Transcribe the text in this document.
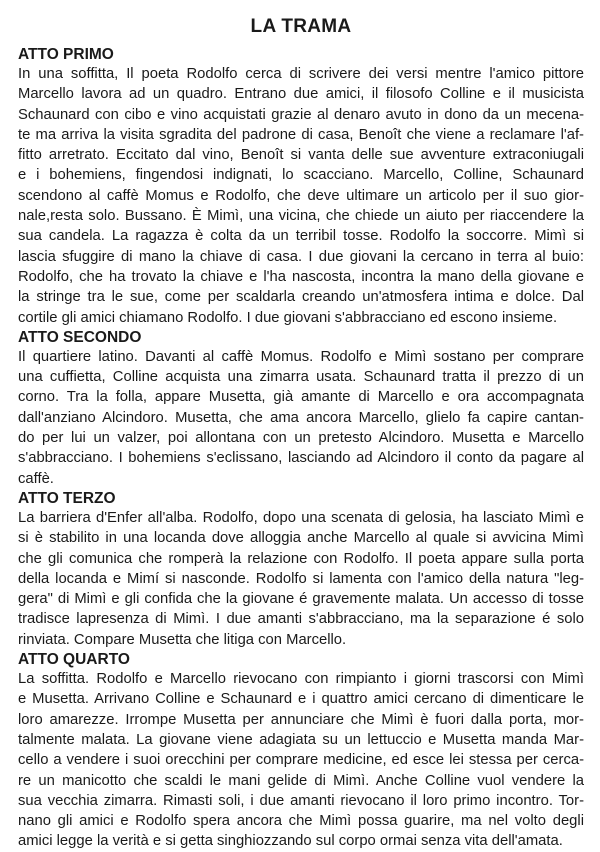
LA TRAMA
ATTO PRIMO
In una soffitta, Il poeta Rodolfo cerca di scrivere dei versi mentre l'amico pittore
Marcello lavora ad un quadro. Entrano due amici, il filosofo Colline e il musicista
Schaunard con cibo e vino acquistati grazie al denaro avuto in dono da un mecena-
te ma arriva la visita sgradita del padrone di casa, Benoît che viene a reclamare l'af-
fitto arretrato. Eccitato dal vino, Benoît si vanta delle sue avventure extraconiugali
e i bohemiens, fingendosi indignati, lo scacciano. Marcello, Colline, Schaunard
scendono al caffè Momus e Rodolfo, che deve ultimare un articolo per il suo gior-
nale,resta solo. Bussano. È Mimì, una vicina, che chiede un aiuto per riaccendere la
sua candela. La ragazza è colta da un terribil tosse. Rodolfo la soccorre. Mimì si
lascia sfuggire di mano la chiave di casa. I due giovani la cercano in terra al buio:
Rodolfo, che ha trovato la chiave e l'ha nascosta, incontra la mano della giovane e
la stringe tra le sue, come per scaldarla creando un'atmosfera intima e dolce. Dal
cortile gli amici chiamano Rodolfo. I due giovani s'abbracciano ed escono insieme.
ATTO SECONDO
Il quartiere latino. Davanti al caffè Momus. Rodolfo e Mimì sostano per comprare
una cuffietta, Colline acquista una zimarra usata. Schaunard tratta il prezzo di un
corno. Tra la folla, appare Musetta, già amante di Marcello e ora accompagnata
dall'anziano Alcindoro. Musetta, che ama ancora Marcello, glielo fa capire cantan-
do per lui un valzer, poi allontana con un pretesto Alcindoro. Musetta e Marcello
s'abbracciano. I bohemiens s'eclissano, lasciando ad Alcindoro il conto da pagare al
caffè.
ATTO TERZO
La barriera d'Enfer all'alba. Rodolfo, dopo una scenata di gelosia, ha lasciato Mimì e
si è stabilito in una locanda dove alloggia anche Marcello al quale si avvicina Mimì
che gli comunica che romperà la relazione con Rodolfo. Il poeta appare sulla porta
della locanda e Mimí si nasconde. Rodolfo si lamenta con l'amico della natura "leg-
gera" di Mimì e gli confida che la giovane é gravemente malata. Un accesso di tosse
tradisce lapresenza di Mimì. I due amanti s'abbracciano, ma la separazione é solo
rinviata. Compare Musetta che litiga con Marcello.
ATTO QUARTO
La soffitta. Rodolfo e Marcello rievocano con rimpianto i giorni trascorsi con Mimì
e Musetta. Arrivano Colline e Schaunard e i quattro amici cercano di dimenticare le
loro amarezze. Irrompe Musetta per annunciare che Mimì è fuori dalla porta, mor-
talmente malata. La giovane viene adagiata su un lettuccio e Musetta manda Mar-
cello a vendere i suoi orecchini per comprare medicine, ed esce lei stessa per cerca-
re un manicotto che scaldi le mani gelide di Mimì. Anche Colline vuol vendere la
sua vecchia zimarra. Rimasti soli, i due amanti rievocano il loro primo incontro. Tor-
nano gli amici e Rodolfo spera ancora che Mimì possa guarire, ma nel volto degli
amici legge la verità e si getta singhiozzando sul corpo ormai senza vita dell'amata.
